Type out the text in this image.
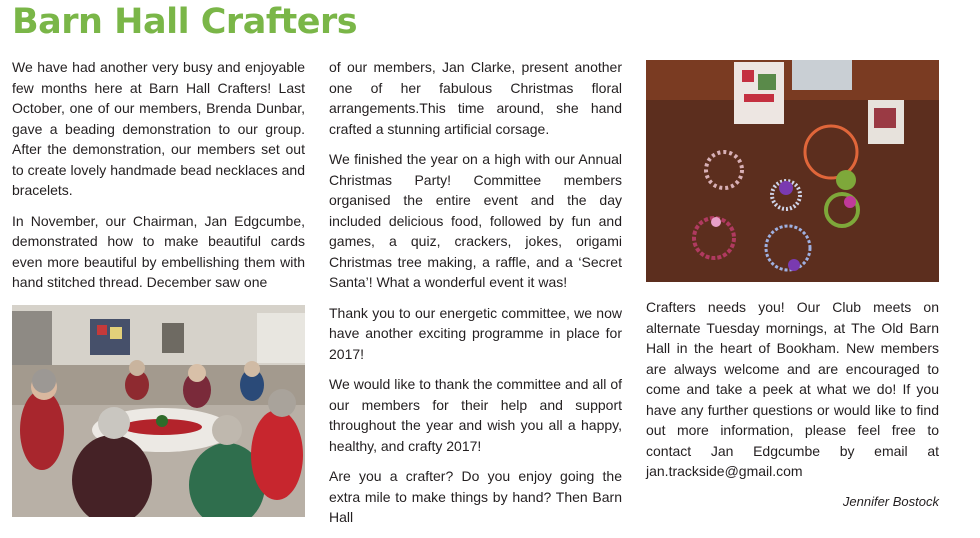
Barn Hall Crafters

We have had another very busy and enjoyable few months here at Barn Hall Crafters! Last October, one of our members, Brenda Dunbar, gave a beading demonstration to our group. After the demonstration, our members set out to create lovely handmade bead necklaces and bracelets.

In November, our Chairman, Jan Edgcumbe, demonstrated how to make beautiful cards even more beautiful by embellishing them with hand stitched thread. December saw one

of our members, Jan Clarke, present another one of her fabulous Christmas floral arrangements.This time around, she hand crafted a stunning artificial corsage.

We finished the year on a high with our Annual Christmas Party! Committee members organised the entire event and the day included delicious food, followed by fun and games, a quiz, crackers, jokes, origami Christmas tree making, a raffle, and a ‘Secret Santa’! What a wonderful event it was!

Thank you to our energetic committee, we now have another exciting programme in place for 2017!

We would like to thank the committee and all of our members for their help and support throughout the year and wish you all a happy, healthy, and crafty 2017!

Are you a crafter? Do you enjoy going the extra mile to make things by hand? Then Barn Hall

Crafters needs you! Our Club meets on alternate Tuesday mornings, at The Old Barn Hall in the heart of Bookham. New members are always welcome and are encouraged to come and take a peek at what we do! If you have any further questions or would like to find out more information, please feel free to contact Jan Edgcumbe by email at jan.trackside@gmail.com

Jennifer Bostock
